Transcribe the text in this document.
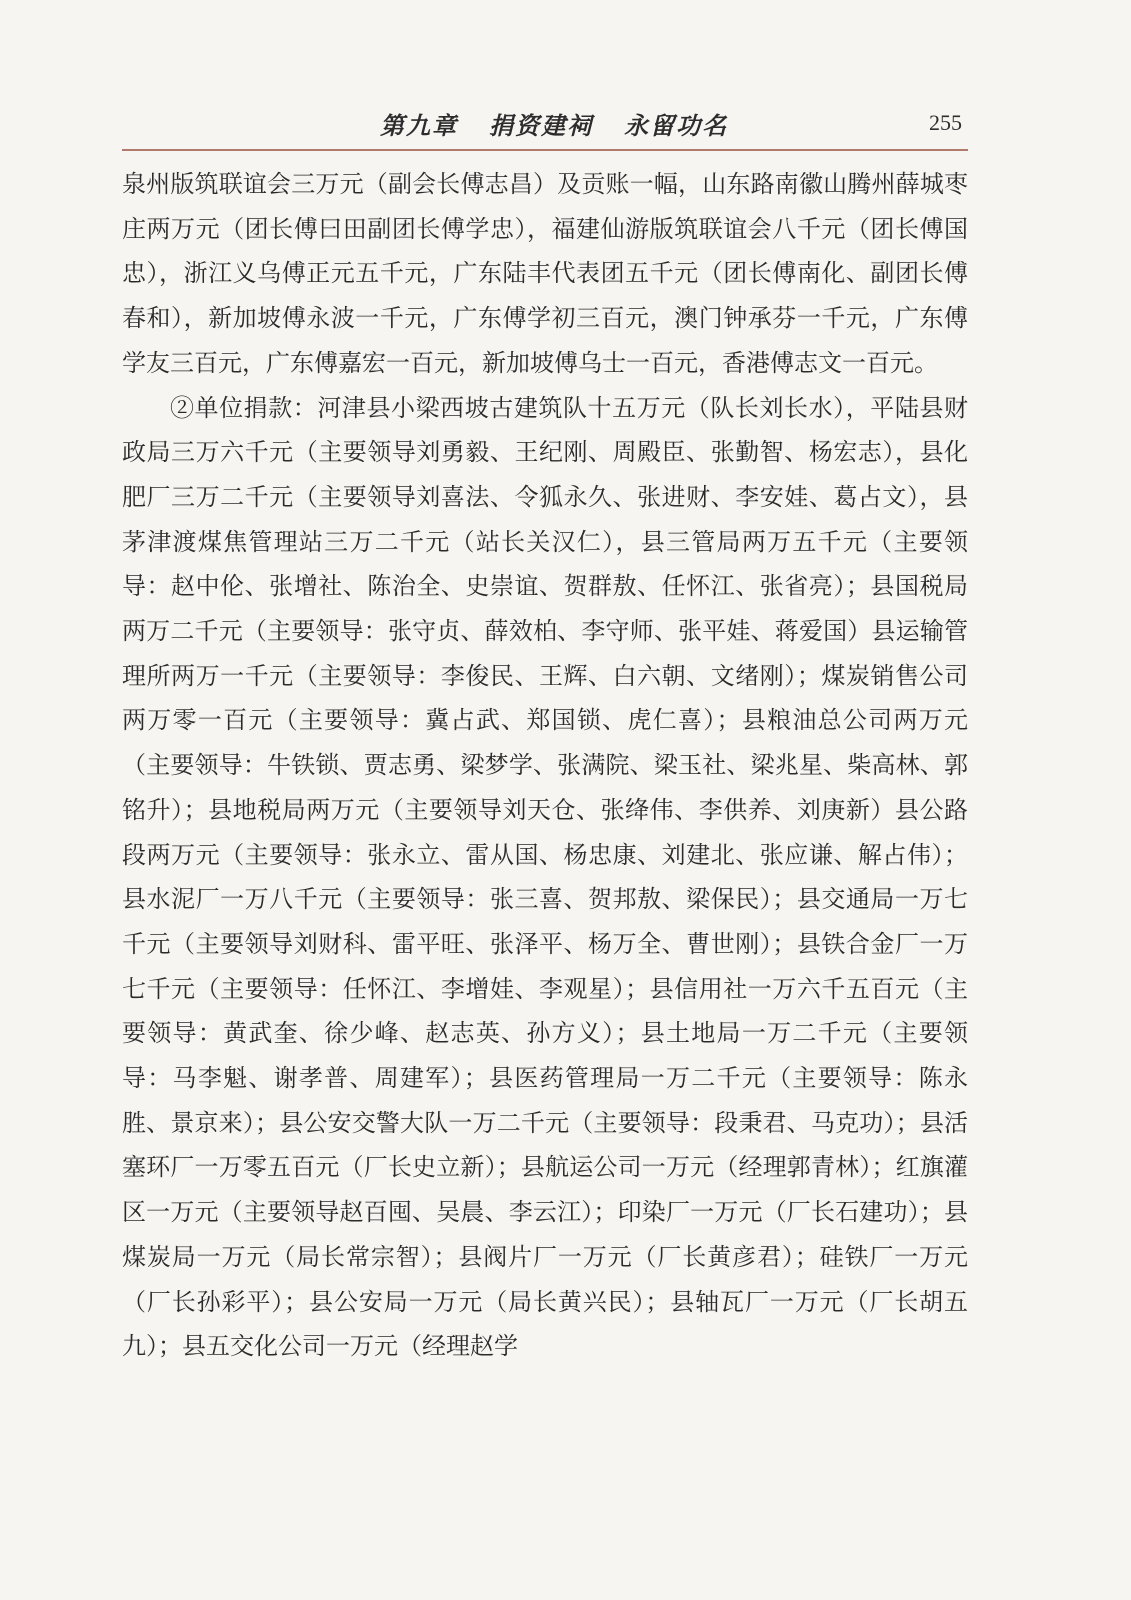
第九章   捐资建祠   永留功名	255

泉州版筑联谊会三万元（副会长傅志昌）及贡账一幅，山东路南徽山腾州薛城枣庄两万元（团长傅曰田副团长傅学忠），福建仙游版筑联谊会八千元（团长傅国忠），浙江义乌傅正元五千元，广东陆丰代表团五千元（团长傅南化、副团长傅春和），新加坡傅永波一千元，广东傅学初三百元，澳门钟承芬一千元，广东傅学友三百元，广东傅嘉宏一百元，新加坡傅乌士一百元，香港傅志文一百元。

②单位捐款：河津县小梁西坡古建筑队十五万元（队长刘长水），平陆县财政局三万六千元（主要领导刘勇毅、王纪刚、周殿臣、张勤智、杨宏志），县化肥厂三万二千元（主要领导刘喜法、令狐永久、张进财、李安娃、葛占文），县茅津渡煤焦管理站三万二千元（站长关汉仁），县三管局两万五千元（主要领导：赵中伦、张增社、陈治全、史崇谊、贺群敖、任怀江、张省亮）；县国税局两万二千元（主要领导：张守贞、薛效柏、李守师、张平娃、蒋爱国）县运输管理所两万一千元（主要领导：李俊民、王辉、白六朝、文绪刚）；煤炭销售公司两万零一百元（主要领导：冀占武、郑国锁、虎仁喜）；县粮油总公司两万元（主要领导：牛铁锁、贾志勇、梁梦学、张满院、梁玉社、梁兆星、柴高林、郭铭升）；县地税局两万元（主要领导刘天仓、张绛伟、李供养、刘庚新）县公路段两万元（主要领导：张永立、雷从国、杨忠康、刘建北、张应谦、解占伟）；县水泥厂一万八千元（主要领导：张三喜、贺邦敖、梁保民）；县交通局一万七千元（主要领导刘财科、雷平旺、张泽平、杨万全、曹世刚）；县铁合金厂一万七千元（主要领导：任怀江、李增娃、李观星）；县信用社一万六千五百元（主要领导：黄武奎、徐少峰、赵志英、孙方义）；县土地局一万二千元（主要领导：马李魁、谢孝普、周建军）；县医药管理局一万二千元（主要领导：陈永胜、景京来）；县公安交警大队一万二千元（主要领导：段秉君、马克功）；县活塞环厂一万零五百元（厂长史立新）；县航运公司一万元（经理郭青林）；红旗灌区一万元（主要领导赵百囤、吴晨、李云江）；印染厂一万元（厂长石建功）；县煤炭局一万元（局长常宗智）；县阀片厂一万元（厂长黄彦君）；硅铁厂一万元（厂长孙彩平）；县公安局一万元（局长黄兴民）；县轴瓦厂一万元（厂长胡五九）；县五交化公司一万元（经理赵学
